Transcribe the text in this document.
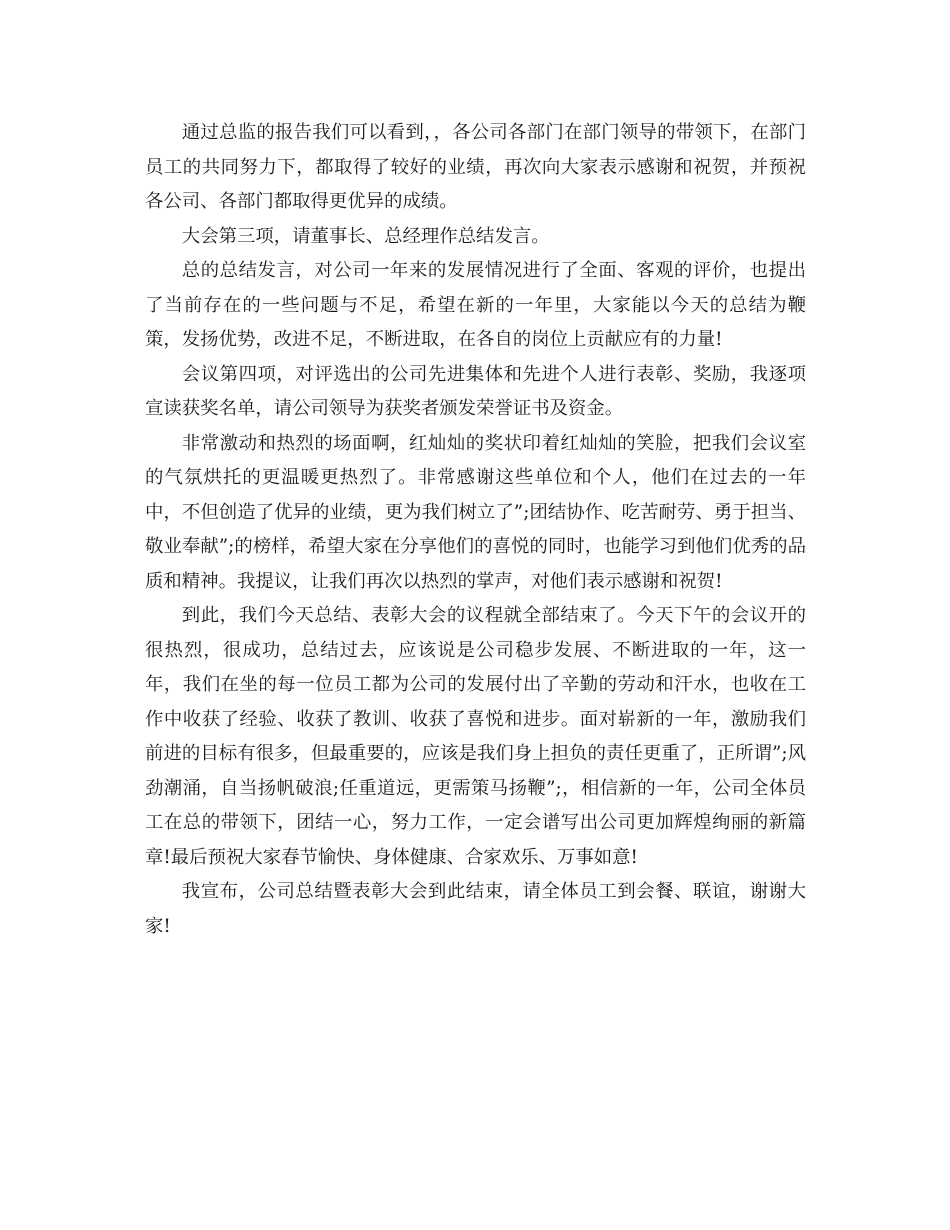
通过总监的报告我们可以看到，，各公司各部门在部门领导的带领下，在部门员工的共同努力下，都取得了较好的业绩，再次向大家表示感谢和祝贺，并预祝各公司、各部门都取得更优异的成绩。

大会第三项，请董事长、总经理作总结发言。

总的总结发言，对公司一年来的发展情况进行了全面、客观的评价，也提出了当前存在的一些问题与不足，希望在新的一年里，大家能以今天的总结为鞭策，发扬优势，改进不足，不断进取，在各自的岗位上贡献应有的力量!

会议第四项，对评选出的公司先进集体和先进个人进行表彰、奖励，我逐项宣读获奖名单，请公司领导为获奖者颁发荣誉证书及资金。

非常激动和热烈的场面啊，红灿灿的奖状印着红灿灿的笑脸，把我们会议室的气氛烘托的更温暖更热烈了。非常感谢这些单位和个人，他们在过去的一年中，不但创造了优异的业绩，更为我们树立了”;团结协作、吃苦耐劳、勇于担当、敬业奉献”;的榜样，希望大家在分享他们的喜悦的同时，也能学习到他们优秀的品质和精神。我提议，让我们再次以热烈的掌声，对他们表示感谢和祝贺!

到此，我们今天总结、表彰大会的议程就全部结束了。今天下午的会议开的很热烈，很成功，总结过去，应该说是公司稳步发展、不断进取的一年，这一年，我们在坐的每一位员工都为公司的发展付出了辛勤的劳动和汗水，也收在工作中收获了经验、收获了教训、收获了喜悦和进步。面对崭新的一年，激励我们前进的目标有很多，但最重要的，应该是我们身上担负的责任更重了，正所谓”;风劲潮涌，自当扬帆破浪;任重道远，更需策马扬鞭”;，相信新的一年，公司全体员工在总的带领下，团结一心，努力工作，一定会谱写出公司更加辉煌绚丽的新篇章!最后预祝大家春节愉快、身体健康、合家欢乐、万事如意!

我宣布，公司总结暨表彰大会到此结束，请全体员工到会餐、联谊，谢谢大家!
